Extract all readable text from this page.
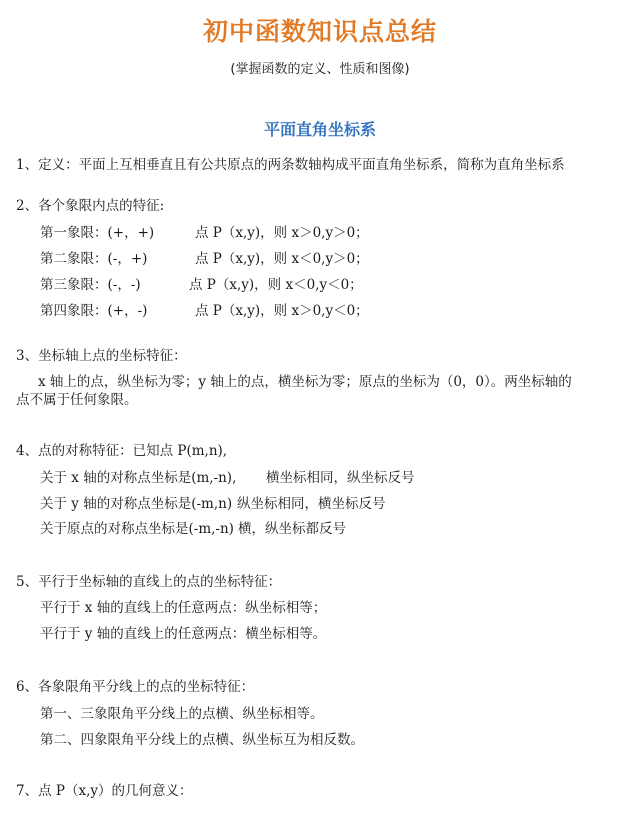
初中函数知识点总结
(掌握函数的定义、性质和图像)
平面直角坐标系
1、定义：平面上互相垂直且有公共原点的两条数轴构成平面直角坐标系，简称为直角坐标系
2、各个象限内点的特征:
第一象限：(+，+)	点 P（x,y)，则 x＞0,y＞0；
第二象限：(-，+)	点 P（x,y)，则 x＜0,y＞0；
第三象限：(-，-)	点 P（x,y)，则 x＜0,y＜0；
第四象限：(+，-)	点 P（x,y)，则 x＞0,y＜0；
3、坐标轴上点的坐标特征：
x 轴上的点，纵坐标为零；y 轴上的点，横坐标为零；原点的坐标为（0，0）。两坐标轴的
点不属于任何象限。
4、点的对称特征：已知点 P(m,n),
关于 x 轴的对称点坐标是(m,-n), 横坐标相同，纵坐标反号
关于 y 轴的对称点坐标是(-m,n) 纵坐标相同，横坐标反号
关于原点的对称点坐标是(-m,-n) 横，纵坐标都反号
5、平行于坐标轴的直线上的点的坐标特征：
平行于 x 轴的直线上的任意两点：纵坐标相等；
平行于 y 轴的直线上的任意两点：横坐标相等。
6、各象限角平分线上的点的坐标特征：
第一、三象限角平分线上的点横、纵坐标相等。
第二、四象限角平分线上的点横、纵坐标互为相反数。
7、点 P（x,y）的几何意义：
